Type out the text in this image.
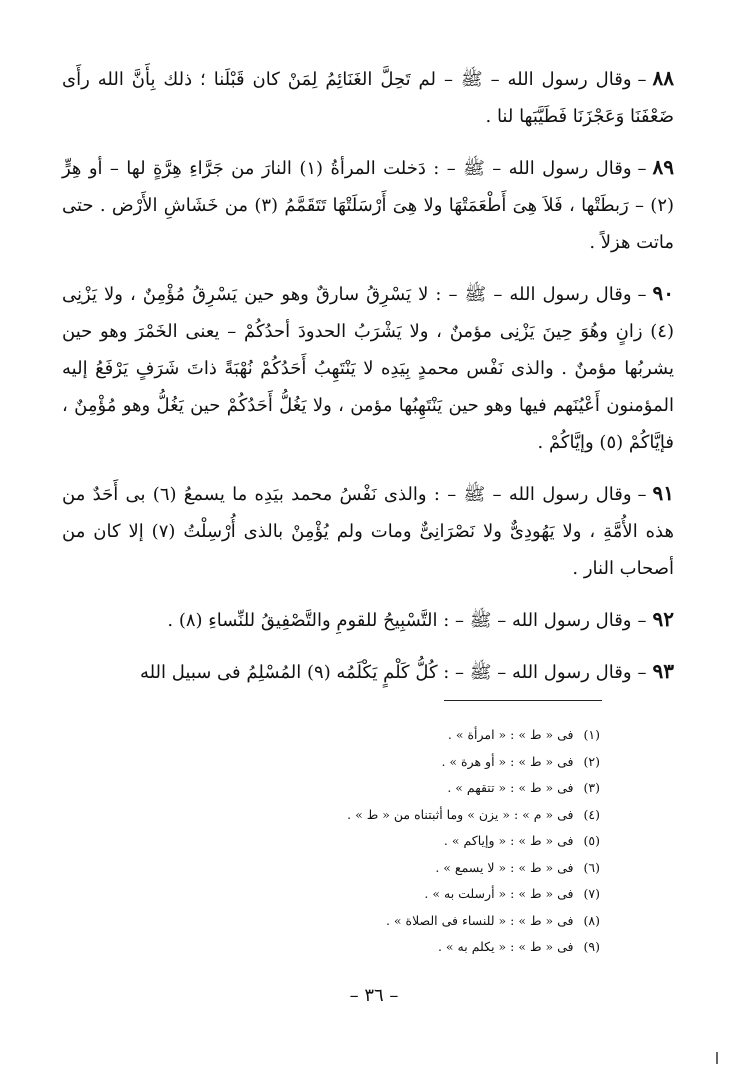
٨٨–وقال رسول الله – ﷺ – لم تَحِلَّ الغَنَائِمُ لِمَنْ كان قَبْلَنا ؛ ذلك بِأَنَّ الله رأَى ضَعْفَنَا وَعَجْزَنَا فَطَيَّبَها لنا .

٨٩–وقال رسول الله – ﷺ – : دَخلت المرأةُ (١) النارَ من جَرَّاءِ هِرَّةٍ لها – أو هِرٍّ (٢) – رَبطَتْها ، فَلاَ هِىَ أَطْعَمَتْهَا ولا هِىَ أَرْسَلَتْهَا تَتَقَمَّمُ (٣) من خَشَاشِ الأَرْض . حتى ماتت هزلاً .

٩٠–وقال رسول الله – ﷺ – : لا يَسْرِقُ سارقٌ وهو حين يَسْرِقُ مُؤْمِنٌ ، ولا يَزْنِى (٤) زانٍ وهُوَ حِينَ يَزْنِى مؤمنٌ ، ولا يَشْرَبُ الحدودَ أحدُكُمْ – يعنى الخَمْرَ وهو حين يشربُها مؤمنٌ . والذى نَفْس محمدٍ بِيَدِه لا يَنْتَهِبُ أَحَدُكُمْ نُهْبَةً ذاتَ شَرَفٍ يَرْفَعُ إليه المؤمنون أَعْيُنَهم فيها وهو حين يَنْتَهِبُها مؤمن ، ولا يَغُلُّ أَحَدُكُمْ حين يَغُلُّ وهو مُؤْمِنٌ ، فإيَّاكُمْ (٥) وإيَّاكُمْ .

٩١–وقال رسول الله – ﷺ – : والذى نَفْسُ محمد بيَدِه ما يسمعُ (٦) بى أَحَدٌ من هذه الأُمَّةِ ، ولا يَهُودِىٌّ ولا نَصْرَانِىٌّ ومات ولم يُؤْمِنْ بالذى أُرْسِلْتُ (٧) إلا كان من أصحاب النار .

٩٢–وقال رسول الله – ﷺ – : التَّسْبِيحُ للقومِ والتَّصْفِيقُ للنِّساءِ (٨) .

٩٣–وقال رسول الله – ﷺ – : كُلُّ كَلْمٍ يَكْلَمُه (٩) المُسْلِمُ فى سبيل الله

(١)فى « ط » : « امرأة » .
(٢)فى « ط » : « أو هرة » .
(٣)فى « ط » : « تتقهم » .
(٤)فى « م » : « يزن » وما أثبتناه من « ط » .
(٥)فى « ط » : « وإياكم » .
(٦)فى « ط » : « لا يسمع » .
(٧)فى « ط » : « أرسلت به » .
(٨)فى « ط » : « للنساء فى الصلاة » .
(٩)فى « ط » : « يكلم به » .
– ٣٦ –
